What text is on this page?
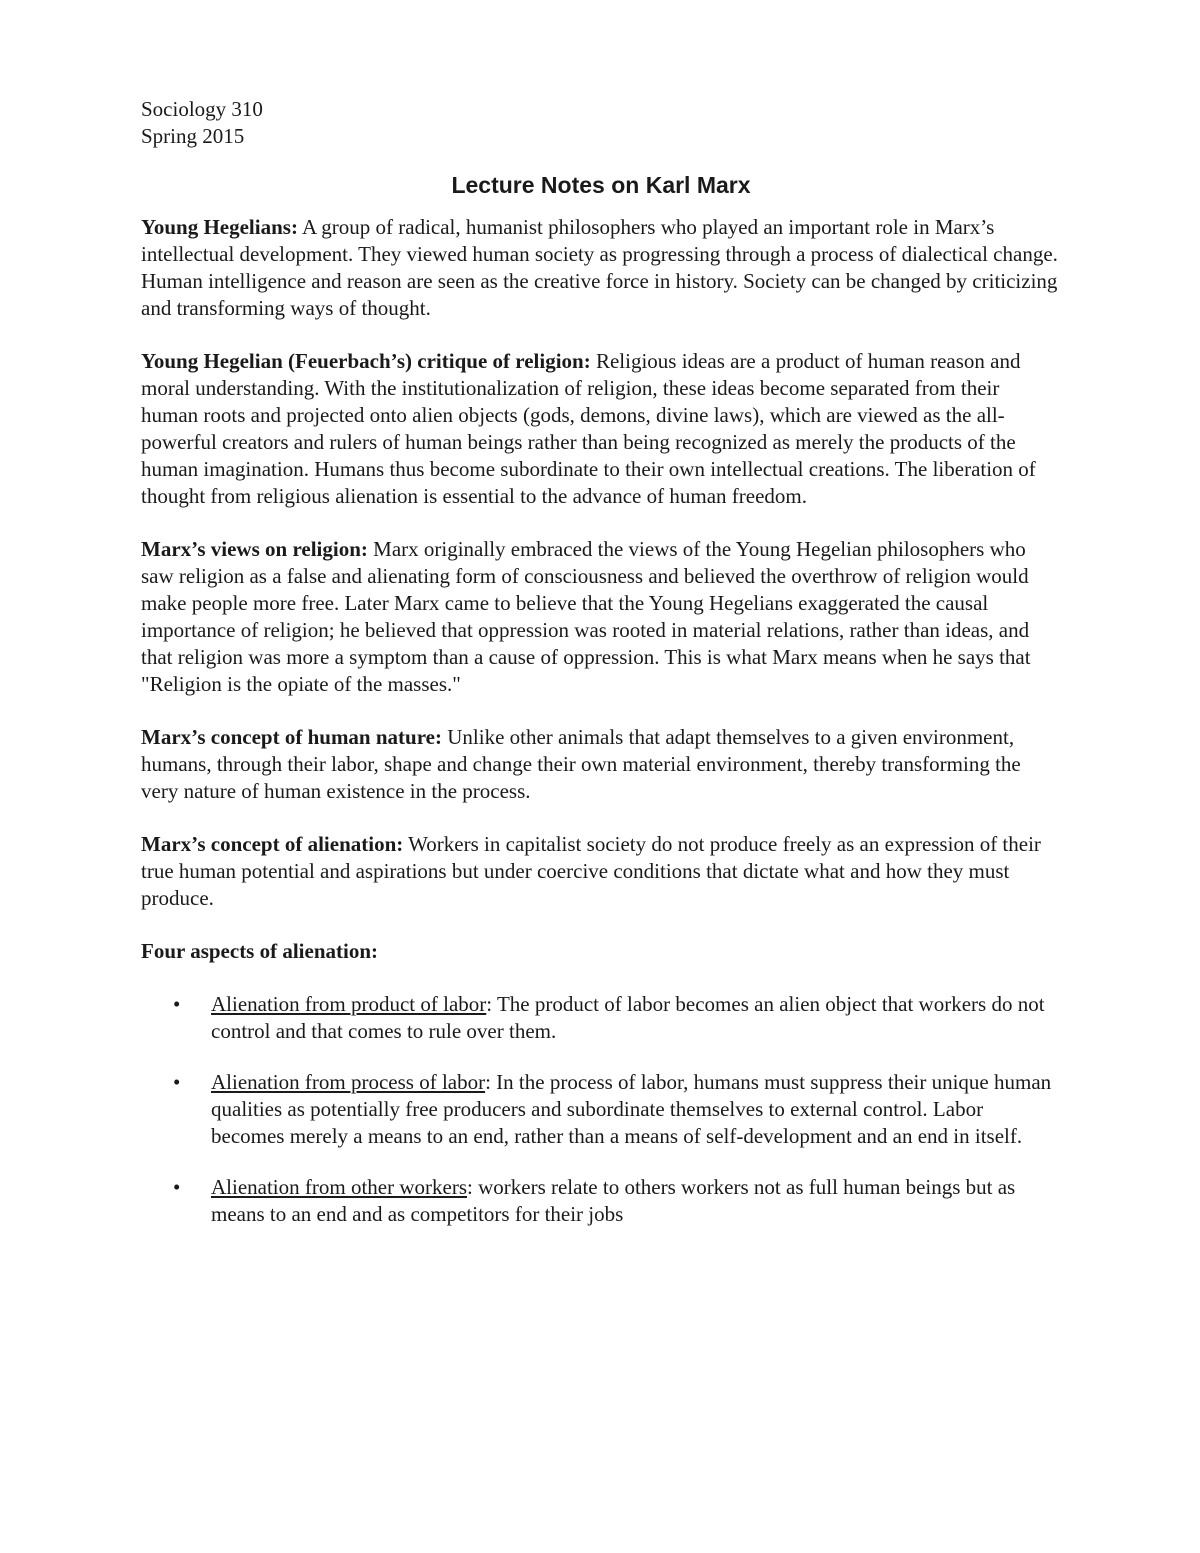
Sociology 310

Spring 2015

Lecture Notes on Karl Marx

Young Hegelians: A group of radical, humanist philosophers who played an important role in Marx’s intellectual development. They viewed human society as progressing through a process of dialectical change. Human intelligence and reason are seen as the creative force in history. Society can be changed by criticizing and transforming ways of thought.

Young Hegelian (Feuerbach’s) critique of religion: Religious ideas are a product of human reason and moral understanding. With the institutionalization of religion, these ideas become separated from their human roots and projected onto alien objects (gods, demons, divine laws), which are viewed as the all-powerful creators and rulers of human beings rather than being recognized as merely the products of the human imagination. Humans thus become subordinate to their own intellectual creations. The liberation of thought from religious alienation is essential to the advance of human freedom.

Marx’s views on religion: Marx originally embraced the views of the Young Hegelian philosophers who saw religion as a false and alienating form of consciousness and believed the overthrow of religion would make people more free. Later Marx came to believe that the Young Hegelians exaggerated the causal importance of religion; he believed that oppression was rooted in material relations, rather than ideas, and that religion was more a symptom than a cause of oppression. This is what Marx means when he says that "Religion is the opiate of the masses."

Marx’s concept of human nature: Unlike other animals that adapt themselves to a given environment, humans, through their labor, shape and change their own material environment, thereby transforming the very nature of human existence in the process.

Marx’s concept of alienation: Workers in capitalist society do not produce freely as an expression of their true human potential and aspirations but under coercive conditions that dictate what and how they must produce.

Four aspects of alienation:

• Alienation from product of labor: The product of labor becomes an alien object that workers do not control and that comes to rule over them.
• Alienation from process of labor: In the process of labor, humans must suppress their unique human qualities as potentially free producers and subordinate themselves to external control. Labor becomes merely a means to an end, rather than a means of self-development and an end in itself.
• Alienation from other workers: workers relate to others workers not as full human beings but as means to an end and as competitors for their jobs
